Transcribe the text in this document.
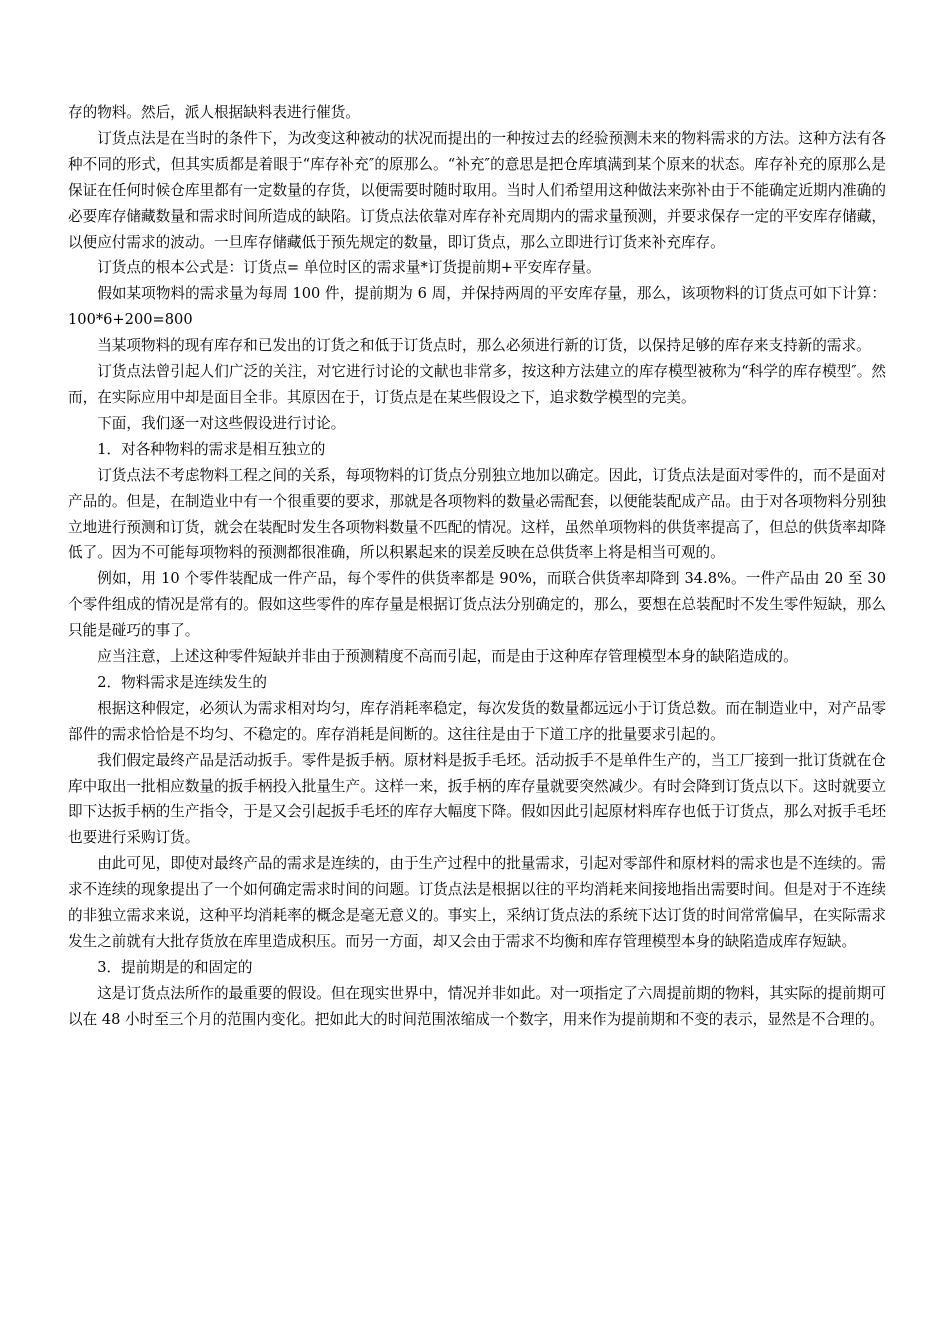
存的物料。然后，派人根据缺料表进行催货。

订货点法是在当时的条件下，为改变这种被动的状况而提出的一种按过去的经验预测未来的物料需求的方法。这种方法有各种不同的形式，但其实质都是着眼于“库存补充″的原那么。“补充″的意思是把仓库填满到某个原来的状态。库存补充的原那么是保证在任何时候仓库里都有一定数量的存货，以便需要时随时取用。当时人们希望用这种做法来弥补由于不能确定近期内准确的必要库存储藏数量和需求时间所造成的缺陷。订货点法依靠对库存补充周期内的需求量预测，并要求保存一定的平安库存储藏，以便应付需求的波动。一旦库存储藏低于预先规定的数量，即订货点，那么立即进行订货来补充库存。

订货点的根本公式是：订货点= 单位时区的需求量*订货提前期+平安库存量。

假如某项物料的需求量为每周 100 件，提前期为 6 周，并保持两周的平安库存量，那么，该项物料的订货点可如下计算：100*6+200=800

当某项物料的现有库存和已发出的订货之和低于订货点时，那么必须进行新的订货，以保持足够的库存来支持新的需求。

订货点法曾引起人们广泛的关注，对它进行讨论的文献也非常多，按这种方法建立的库存模型被称为“科学的库存模型″。然而，在实际应用中却是面目全非。其原因在于，订货点是在某些假设之下，追求数学模型的完美。

下面，我们逐一对这些假设进行讨论。

1．对各种物料的需求是相互独立的

订货点法不考虑物料工程之间的关系，每项物料的订货点分别独立地加以确定。因此，订货点法是面对零件的，而不是面对产品的。但是，在制造业中有一个很重要的要求，那就是各项物料的数量必需配套，以便能装配成产品。由于对各项物料分别独立地进行预测和订货，就会在装配时发生各项物料数量不匹配的情况。这样，虽然单项物料的供货率提高了，但总的供货率却降低了。因为不可能每项物料的预测都很准确，所以积累起来的误差反映在总供货率上将是相当可观的。

例如，用 10 个零件装配成一件产品，每个零件的供货率都是 90%，而联合供货率却降到 34.8%。一件产品由 20 至 30 个零件组成的情况是常有的。假如这些零件的库存量是根据订货点法分别确定的，那么，要想在总装配时不发生零件短缺，那么只能是碰巧的事了。

应当注意，上述这种零件短缺并非由于预测精度不高而引起，而是由于这种库存管理模型本身的缺陷造成的。

2．物料需求是连续发生的

根据这种假定，必须认为需求相对均匀，库存消耗率稳定，每次发货的数量都远远小于订货总数。而在制造业中，对产品零部件的需求恰恰是不均匀、不稳定的。库存消耗是间断的。这往往是由于下道工序的批量要求引起的。

我们假定最终产品是活动扳手。零件是扳手柄。原材料是扳手毛坯。活动扳手不是单件生产的，当工厂接到一批订货就在仓库中取出一批相应数量的扳手柄投入批量生产。这样一来，扳手柄的库存量就要突然减少。有时会降到订货点以下。这时就要立即下达扳手柄的生产指令，于是又会引起扳手毛坯的库存大幅度下降。假如因此引起原材料库存也低于订货点，那么对扳手毛坯也要进行采购订货。

由此可见，即使对最终产品的需求是连续的，由于生产过程中的批量需求，引起对零部件和原材料的需求也是不连续的。需求不连续的现象提出了一个如何确定需求时间的问题。订货点法是根据以往的平均消耗来间接地指出需要时间。但是对于不连续的非独立需求来说，这种平均消耗率的概念是毫无意义的。事实上，采纳订货点法的系统下达订货的时间常常偏早，在实际需求发生之前就有大批存货放在库里造成积压。而另一方面，却又会由于需求不均衡和库存管理模型本身的缺陷造成库存短缺。

3．提前期是的和固定的

这是订货点法所作的最重要的假设。但在现实世界中，情况并非如此。对一项指定了六周提前期的物料，其实际的提前期可以在 48 小时至三个月的范围内变化。把如此大的时间范围浓缩成一个数字，用来作为提前期和不变的表示，显然是不合理的。
